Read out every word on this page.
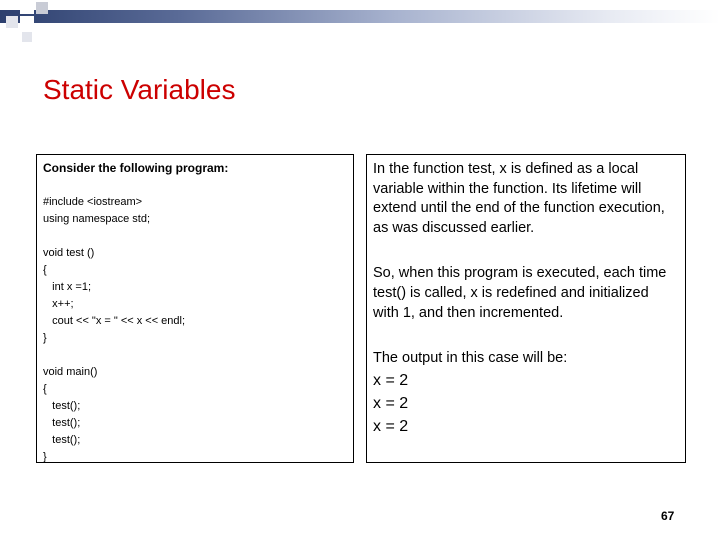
Static Variables
Consider the following program:
#include <iostream>
using namespace std;
void test ()
{
int x =1;
x++;
cout << "x = " << x << endl;
}
void main()
{
test();
test();
test();
}

In the function test, x is defined as a local variable within the function. Its lifetime will extend until the end of the function execution, as was discussed earlier.

So, when this program is executed, each time test() is called, x is redefined and initialized with 1, and then incremented.

The output in this case will be:
x = 2
x = 2
x = 2
67
